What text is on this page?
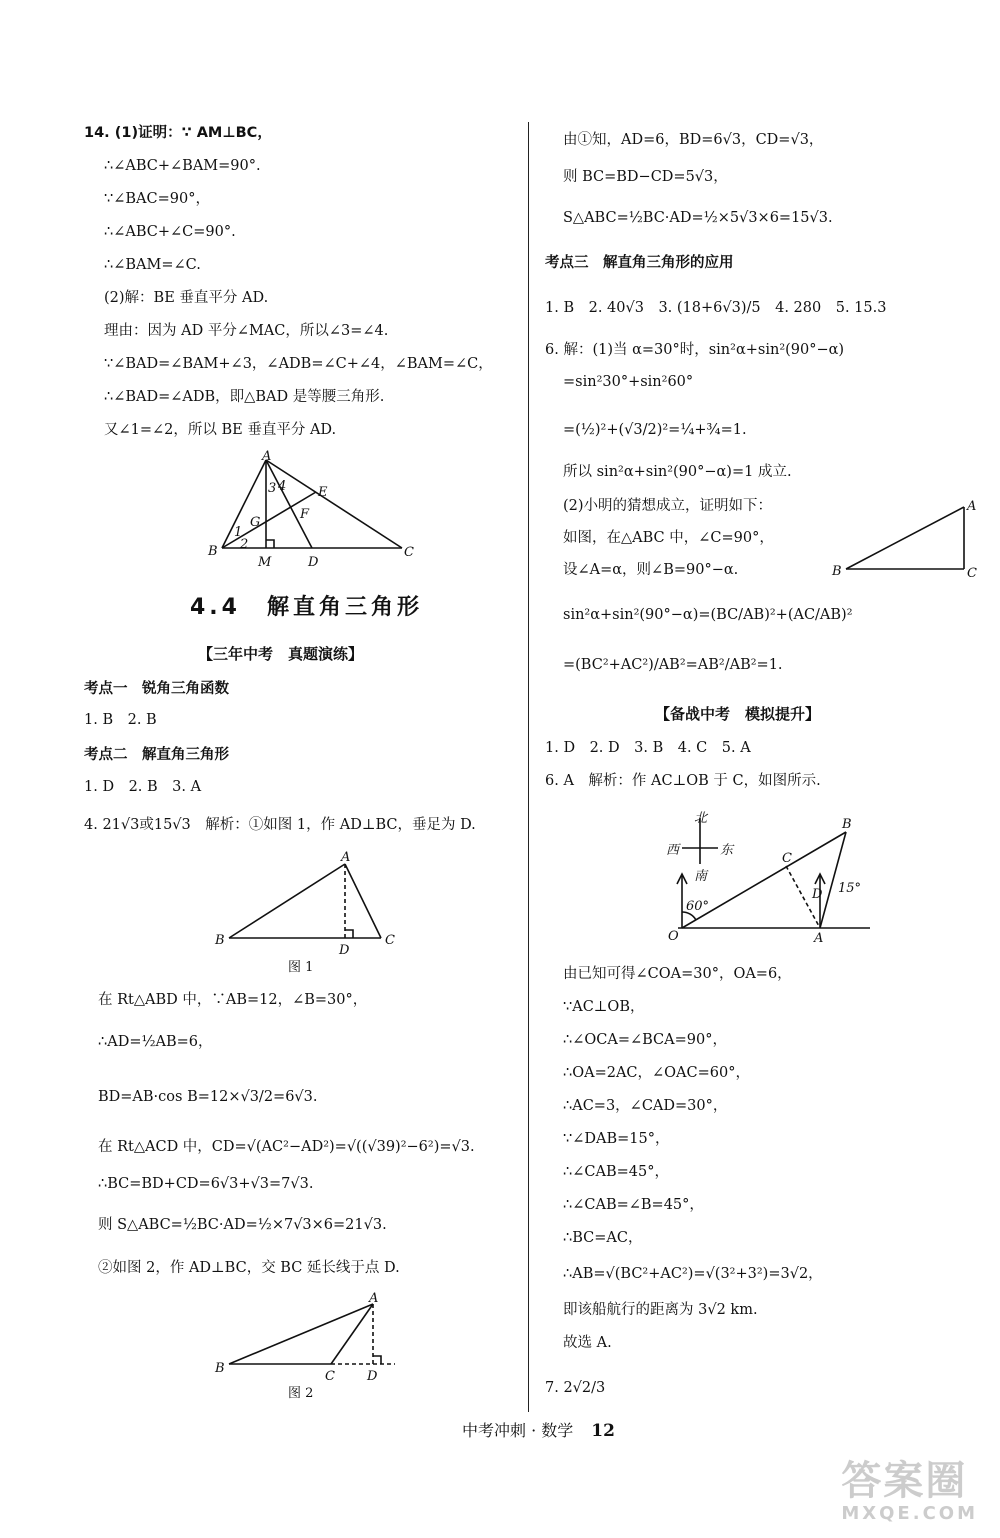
14. (1)证明：∵ AM⊥BC，
∴∠ABC+∠BAM=90°.
∵∠BAC=90°，
∴∠ABC+∠C=90°.
∴∠BAM=∠C.
(2)解：BE 垂直平分 AD.
理由：因为 AD 平分∠MAC，所以∠3=∠4.
∵∠BAD=∠BAM+∠3，∠ADB=∠C+∠4，∠BAM=∠C，
∴∠BAD=∠ADB，即△BAD 是等腰三角形.
又∠1=∠2，所以 BE 垂直平分 AD.
A
E
3 4
G
F
1
2
B
M	D
C
4.4　解直角三角形
【三年中考　真题演练】
考点一　锐角三角函数
1. B　2. B
考点二　解直角三角形
1. D　2. B　3. A
4. 21√3或15√3　解析：①如图 1，作 AD⊥BC，垂足为 D.
A
B
D
C
图 1
在 Rt△ABD 中，∵AB=12，∠B=30°，
∴AD=½AB=6，
BD=AB·cos B=12×√3/2=6√3.
在 Rt△ACD 中，CD=√(AC²−AD²)=√((√39)²−6²)=√3.
∴BC=BD+CD=6√3+√3=7√3.
则 S△ABC=½BC·AD=½×7√3×6=21√3.
②如图 2，作 AD⊥BC，交 BC 延长线于点 D.
A
B
C D
图 2
由①知，AD=6，BD=6√3，CD=√3，
则 BC=BD−CD=5√3，
S△ABC=½BC·AD=½×5√3×6=15√3.
考点三　解直角三角形的应用
1. B　2. 40√3　3. (18+6√3)/5　4. 280　5. 15.3
6. 解：(1)当 α=30°时，sin²α+sin²(90°−α)
=sin²30°+sin²60°
=(½)²+(√3/2)²=¼+¾=1.
所以 sin²α+sin²(90°−α)=1 成立.
(2)小明的猜想成立，证明如下：
如图，在△ABC 中，∠C=90°，
A
B	C
设∠A=α，则∠B=90°−α.
sin²α+sin²(90°−α)=(BC/AB)²+(AC/AB)²
=(BC²+AC²)/AB²=AB²/AB²=1.
【备战中考　模拟提升】
1. D　2. D　3. B　4. C　5. A
6. A　解析：作 AC⊥OB 于 C，如图所示.
北
西	东
南
B
C
D 15°
60°
O	A
由已知可得∠COA=30°，OA=6，
∵AC⊥OB，
∴∠OCA=∠BCA=90°，
∴OA=2AC，∠OAC=60°，
∴AC=3，∠CAD=30°，
∵∠DAB=15°，
∴∠CAB=45°，
∴∠CAB=∠B=45°，
∴BC=AC，
∴AB=√(BC²+AC²)=√(3²+3²)=3√2，
即该船航行的距离为 3√2 km.
故选 A.
7. 2√2/3
中考冲刺 · 数学 12
答案圈
MXQE.COM
